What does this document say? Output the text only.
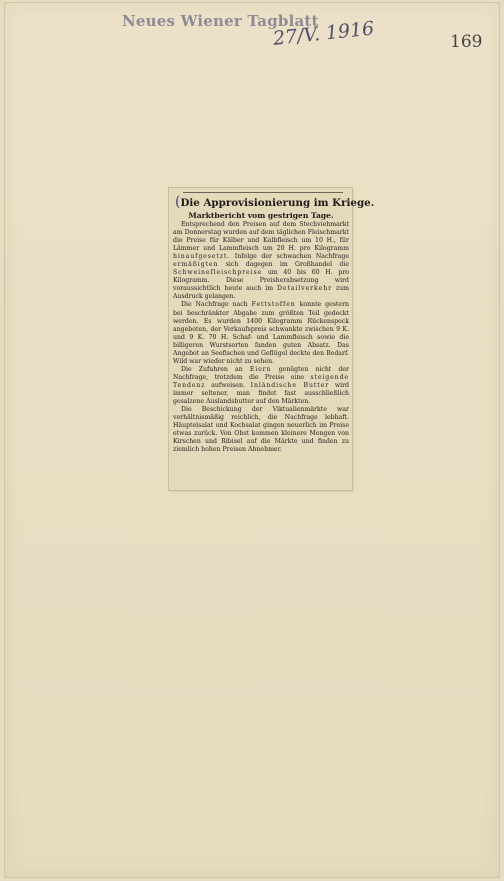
Neues Wiener Tagblatt
27/V. 1916	169
(Die Approvisionierung im Kriege.
Marktbericht vom gestrigen Tage.

Entsprechend den Preisen auf dem Stechviehmarkt am Donnerstag wurden auf dem täglichen Fleischmarkt die Preise für Kälber und Kalbfleisch um 10 H., für Lämmer und Lammfleisch um 20 H. pro Kilogramm hinaufgesetzt. Infolge der schwachen Nachfrage ermäßigten sich dagegen im Großhandel die Schweinefleischpreise um 40 bis 60 H. pro Kilogramm. Diese Preisherabsetzung wird voraussichtlich heute auch im Detailverkehr zum Ausdruck gelangen.

Die Nachfrage nach Fettstoffen konnte gestern bei beschränkter Abgabe zum größten Teil gedeckt werden. Es wurden 1400 Kilogramm Rückenspeck angeboten, der Verkaufspreis schwankte zwischen 9 K. und 9 K. 70 H. Schaf- und Lammfleisch sowie die billigeren Wurstsorten fanden guten Absatz. Das Angebot an Seefischen und Geflügel deckte den Bedarf. Wild war wieder nicht zu sehen.

Die Zufuhren an Eiern genügten nicht der Nachfrage, trotzdem die Preise eine steigende Tendenz aufweisen. Inländische Butter wird immer seltener, man findet fast ausschließlich gesalzene Auslandsbutter auf den Märkten.

Die Beschickung der Viktualienmärkte war verhältnismäßig reichlich, die Nachfrage lebhaft. Häuptelsalat und Kochsalat gingen neuerlich im Preise etwas zurück. Von Obst kommen kleinere Mengen von Kirschen und Ribisel auf die Märkte und finden zu ziemlich hohen Preisen Abnehmer.
